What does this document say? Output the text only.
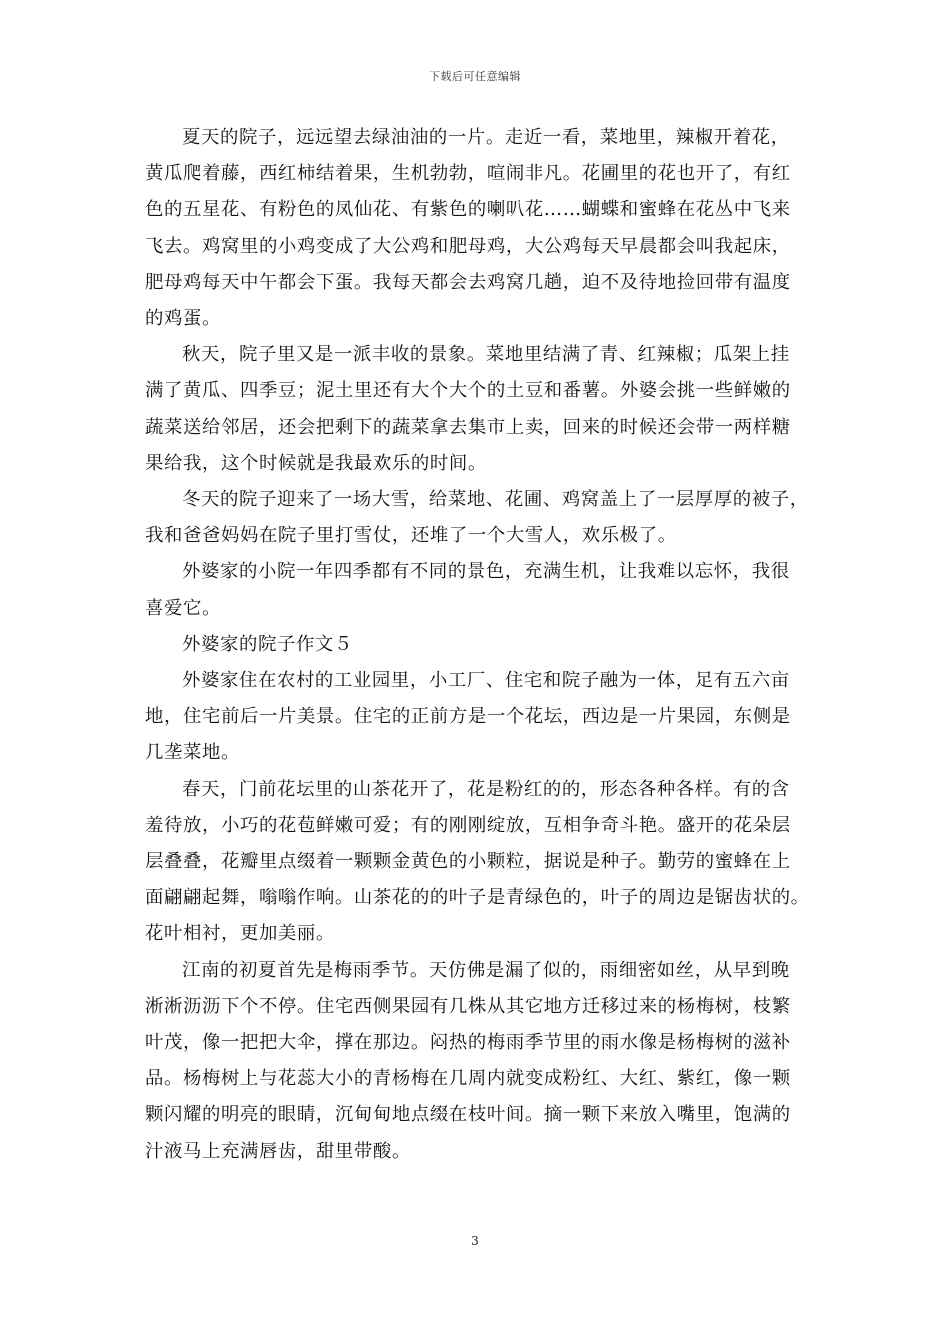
下载后可任意编辑

夏天的院子，远远望去绿油油的一片。走近一看，菜地里，辣椒开着花，
黄瓜爬着藤，西红柿结着果，生机勃勃，喧闹非凡。花圃里的花也开了，有红
色的五星花、有粉色的凤仙花、有紫色的喇叭花……蝴蝶和蜜蜂在花丛中飞来
飞去。鸡窝里的小鸡变成了大公鸡和肥母鸡，大公鸡每天早晨都会叫我起床，
肥母鸡每天中午都会下蛋。我每天都会去鸡窝几趟，迫不及待地捡回带有温度
的鸡蛋。

秋天，院子里又是一派丰收的景象。菜地里结满了青、红辣椒；瓜架上挂
满了黄瓜、四季豆；泥土里还有大个大个的土豆和番薯。外婆会挑一些鲜嫩的
蔬菜送给邻居，还会把剩下的蔬菜拿去集市上卖，回来的时候还会带一两样糖
果给我，这个时候就是我最欢乐的时间。

冬天的院子迎来了一场大雪，给菜地、花圃、鸡窝盖上了一层厚厚的被子，
我和爸爸妈妈在院子里打雪仗，还堆了一个大雪人，欢乐极了。

外婆家的小院一年四季都有不同的景色，充满生机，让我难以忘怀，我很
喜爱它。

外婆家的院子作文５

外婆家住在农村的工业园里，小工厂、住宅和院子融为一体，足有五六亩
地，住宅前后一片美景。住宅的正前方是一个花坛，西边是一片果园，东侧是
几垄菜地。

春天，门前花坛里的山茶花开了，花是粉红的的，形态各种各样。有的含
羞待放，小巧的花苞鲜嫩可爱；有的刚刚绽放，互相争奇斗艳。盛开的花朵层
层叠叠，花瓣里点缀着一颗颗金黄色的小颗粒，据说是种子。勤劳的蜜蜂在上
面翩翩起舞，嗡嗡作响。山茶花的的叶子是青绿色的，叶子的周边是锯齿状的。
花叶相衬，更加美丽。

江南的初夏首先是梅雨季节。天仿佛是漏了似的，雨细密如丝，从早到晚
淅淅沥沥下个不停。住宅西侧果园有几株从其它地方迁移过来的杨梅树，枝繁
叶茂，像一把把大伞，撑在那边。闷热的梅雨季节里的雨水像是杨梅树的滋补
品。杨梅树上与花蕊大小的青杨梅在几周内就变成粉红、大红、紫红，像一颗
颗闪耀的明亮的眼睛，沉甸甸地点缀在枝叶间。摘一颗下来放入嘴里，饱满的
汁液马上充满唇齿，甜里带酸。

3
